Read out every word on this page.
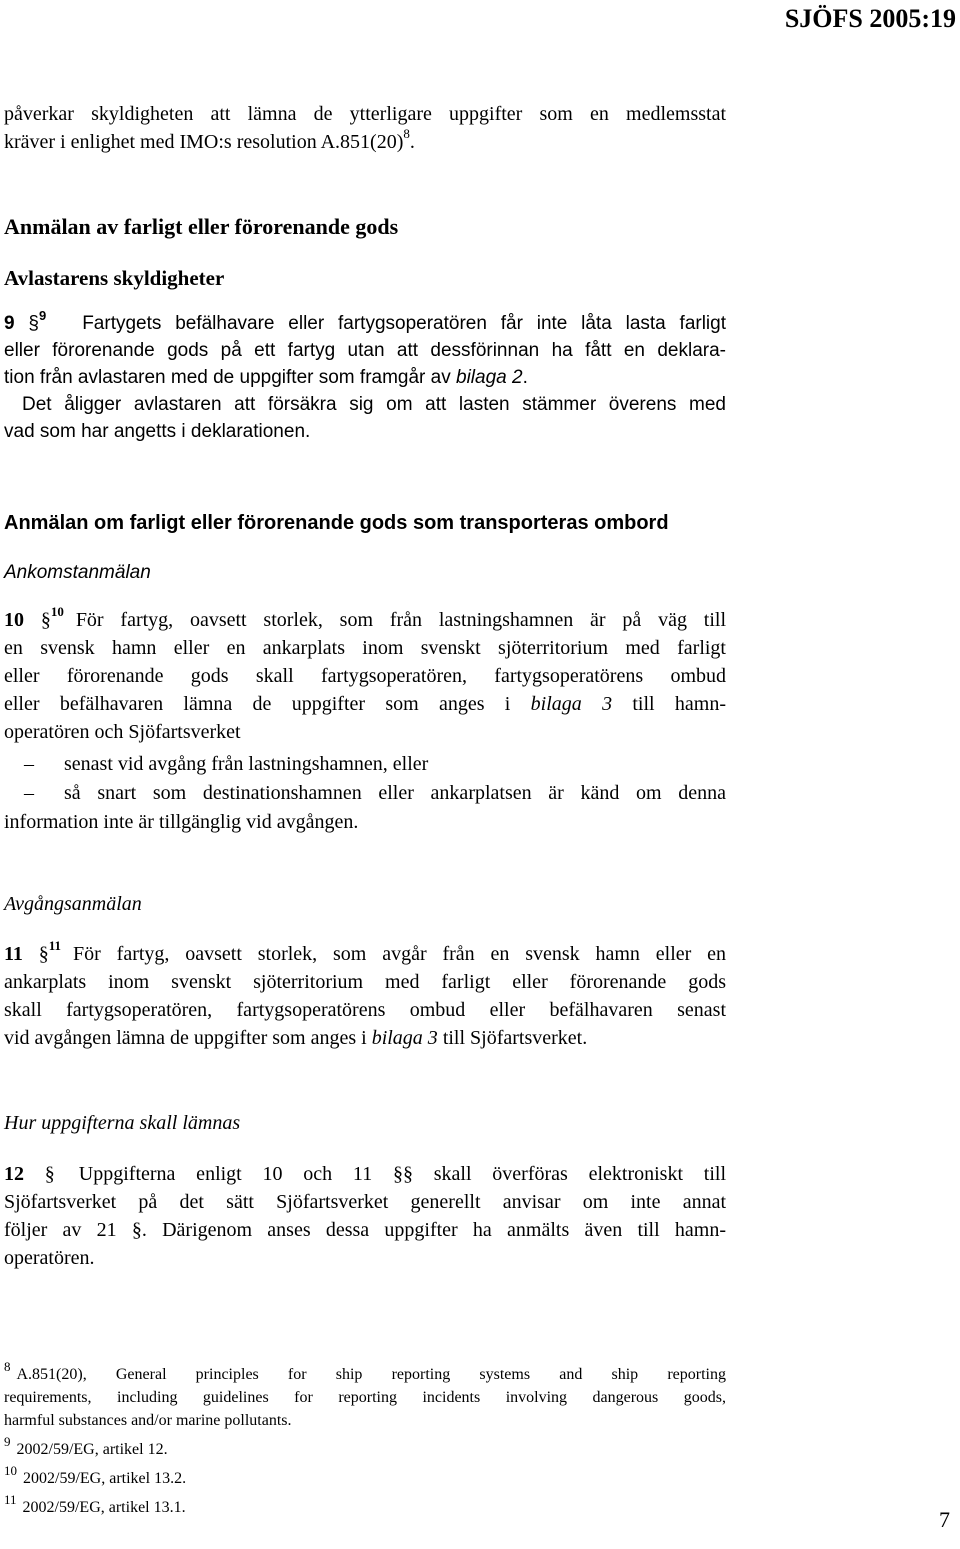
SJÖFS 2005:19
påverkar skyldigheten att lämna de ytterligare uppgifter som en medlemsstat
kräver i enlighet med IMO:s resolution $A.851(20)^8$.
Anmälan av farligt eller förorenande gods
Avlastarens skyldigheter
9 §$^9$ Fartygets befälhavare eller fartygsoperatören får inte låta lasta farligt
eller förorenande gods på ett fartyg utan att dessförinnan ha fått en deklara-
tion från avlastaren med de uppgifter som framgår av bilaga 2.
Det åligger avlastaren att försäkra sig om att lasten stämmer överens med
vad som har angetts i deklarationen.
Anmälan om farligt eller förorenande gods som transporteras ombord
Ankomstanmälan
10 §$^{10}$ För fartyg, oavsett storlek, som från lastningshamnen är på väg till
en svensk hamn eller en ankarplats inom svenskt sjöterritorium med farligt
eller förorenande gods skall fartygsoperatören, fartygsoperatörens ombud
eller befälhavaren lämna de uppgifter som anges i bilaga 3 till hamn-
operatören och Sjöfartsverket
– senast vid avgång från lastningshamnen, eller
– så snart som destinationshamnen eller ankarplatsen är känd om denna
information inte är tillgänglig vid avgången.
Avgångsanmälan
11 §$^{11}$ För fartyg, oavsett storlek, som avgår från en svensk hamn eller en
ankarplats inom svenskt sjöterritorium med farligt eller förorenande gods
skall fartygsoperatören, fartygsoperatörens ombud eller befälhavaren senast
vid avgången lämna de uppgifter som anges i bilaga 3 till Sjöfartsverket.
Hur uppgifterna skall lämnas
12 § Uppgifterna enligt 10 och 11 §§ skall överföras elektroniskt till
Sjöfartsverket på det sätt Sjöfartsverket generellt anvisar om inte annat
följer av 21 §. Därigenom anses dessa uppgifter ha anmälts även till hamn-
operatören.
$^8$ A.851(20), General principles for ship reporting systems and ship reporting
requirements, including guidelines for reporting incidents involving dangerous goods,
harmful substances and/or marine pollutants.
$^9$ 2002/59/EG, artikel 12.
$^{10}$ 2002/59/EG, artikel 13.2.
$^{11}$ 2002/59/EG, artikel 13.1.	7
